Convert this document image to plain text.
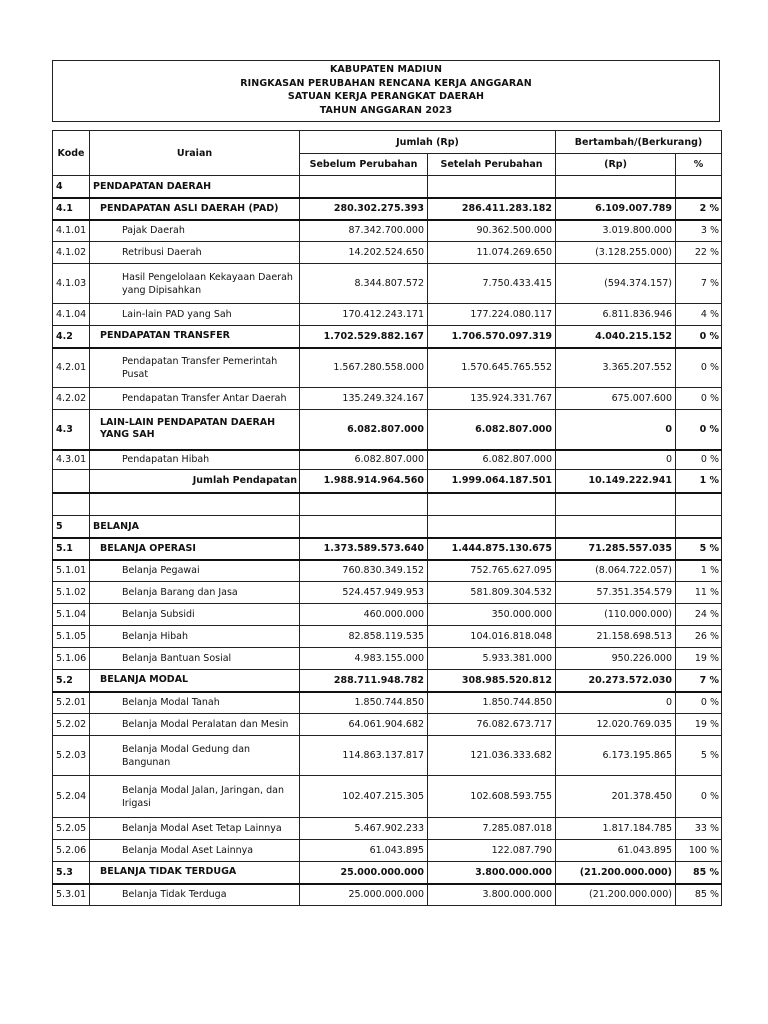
KABUPATEN MADIUN
RINGKASAN PERUBAHAN RENCANA KERJA ANGGARAN
SATUAN KERJA PERANGKAT DAERAH
TAHUN ANGGARAN 2023
Kode	Uraian	Jumlah (Rp)		Bertambah/(Berkurang)	
		Sebelum Perubahan	Setelah Perubahan	(Rp)	%
4	PENDAPATAN DAERAH				
4.1	PENDAPATAN ASLI DAERAH (PAD)	280.302.275.393	286.411.283.182	6.109.007.789	2 %
4.1.01	Pajak Daerah	87.342.700.000	90.362.500.000	3.019.800.000	3 %
4.1.02	Retribusi Daerah	14.202.524.650	11.074.269.650	(3.128.255.000)	22 %
4.1.03	Hasil Pengelolaan Kekayaan Daerah yang Dipisahkan	8.344.807.572	7.750.433.415	(594.374.157)	7 %
4.1.04	Lain-lain PAD yang Sah	170.412.243.171	177.224.080.117	6.811.836.946	4 %
4.2	PENDAPATAN TRANSFER	1.702.529.882.167	1.706.570.097.319	4.040.215.152	0 %
4.2.01	Pendapatan Transfer Pemerintah Pusat	1.567.280.558.000	1.570.645.765.552	3.365.207.552	0 %
4.2.02	Pendapatan Transfer Antar Daerah	135.249.324.167	135.924.331.767	675.007.600	0 %
4.3	LAIN-LAIN PENDAPATAN DAERAH YANG SAH	6.082.807.000	6.082.807.000	0	0 %
4.3.01	Pendapatan Hibah	6.082.807.000	6.082.807.000	0	0 %
	Jumlah Pendapatan	1.988.914.964.560	1.999.064.187.501	10.149.222.941	1 %

5	BELANJA				
5.1	BELANJA OPERASI	1.373.589.573.640	1.444.875.130.675	71.285.557.035	5 %
5.1.01	Belanja Pegawai	760.830.349.152	752.765.627.095	(8.064.722.057)	1 %
5.1.02	Belanja Barang dan Jasa	524.457.949.953	581.809.304.532	57.351.354.579	11 %
5.1.04	Belanja Subsidi	460.000.000	350.000.000	(110.000.000)	24 %
5.1.05	Belanja Hibah	82.858.119.535	104.016.818.048	21.158.698.513	26 %
5.1.06	Belanja Bantuan Sosial	4.983.155.000	5.933.381.000	950.226.000	19 %
5.2	BELANJA MODAL	288.711.948.782	308.985.520.812	20.273.572.030	7 %
5.2.01	Belanja Modal Tanah	1.850.744.850	1.850.744.850	0	0 %
5.2.02	Belanja Modal Peralatan dan Mesin	64.061.904.682	76.082.673.717	12.020.769.035	19 %
5.2.03	Belanja Modal Gedung dan Bangunan	114.863.137.817	121.036.333.682	6.173.195.865	5 %
5.2.04	Belanja Modal Jalan, Jaringan, dan Irigasi	102.407.215.305	102.608.593.755	201.378.450	0 %
5.2.05	Belanja Modal Aset Tetap Lainnya	5.467.902.233	7.285.087.018	1.817.184.785	33 %
5.2.06	Belanja Modal Aset Lainnya	61.043.895	122.087.790	61.043.895	100 %
5.3	BELANJA TIDAK TERDUGA	25.000.000.000	3.800.000.000	(21.200.000.000)	85 %
5.3.01	Belanja Tidak Terduga	25.000.000.000	3.800.000.000	(21.200.000.000)	85 %
